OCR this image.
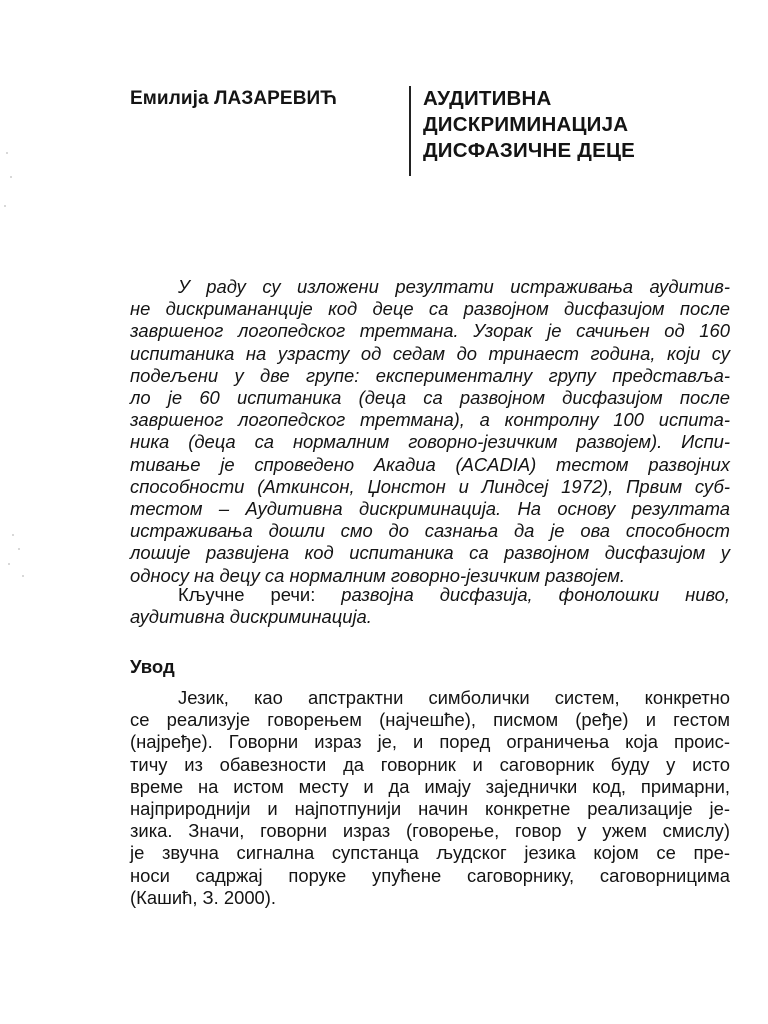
Емилија ЛАЗАРЕВИЋ	АУДИТИВНА
ДИСКРИМИНАЦИЈА
ДИСФАЗИЧНЕ ДЕЦЕ
У раду су изложени резултати истраживања аудитив-
не дискримананције код деце са развојном дисфазијом после
завршеног логопедског третмана. Узорак је сачињен од 160
испитаника на узрасту од седам до тринаест година, који су
подељени у две групе: експерименталну групу представља-
ло је 60 испитаника (деца са развојном дисфазијом после
завршеног логопедског третмана), а контролну 100 испита-
ника (деца са нормалним говорно-језичким развојем). Испи-
тивање је спроведено Акадиа (ACADIA) тестом развојних
способности (Аткинсон, Џонстон и Линдсеј 1972), Првим суб-
тестом – Аудитивна дискриминација. На основу резултата
истраживања дошли смо до сазнања да је ова способност
лошије развијена код испитаника са развојном дисфазијом у
односу на децу са нормалним говорно-језичким развојем.
Кључне речи: развојна дисфазија, фонолошки ниво,
аудитивна дискриминација.
Увод
Језик, као апстрактни симболички систем, конкретно
се реализује говорењем (најчешће), писмом (ређе) и гестом
(најређе). Говорни израз је, и поред ограничења која проис-
тичу из обавезности да говорник и саговорник буду у исто
време на истом месту и да имају заједнички код, примарни,
најприроднији и најпотпунији начин конкретне реализације је-
зика. Значи, говорни израз (говорење, говор у ужем смислу)
је звучна сигнална супстанца људског језика којом се пре-
носи садржај поруке упућене саговорнику, саговорницима
(Кашић, З. 2000).
